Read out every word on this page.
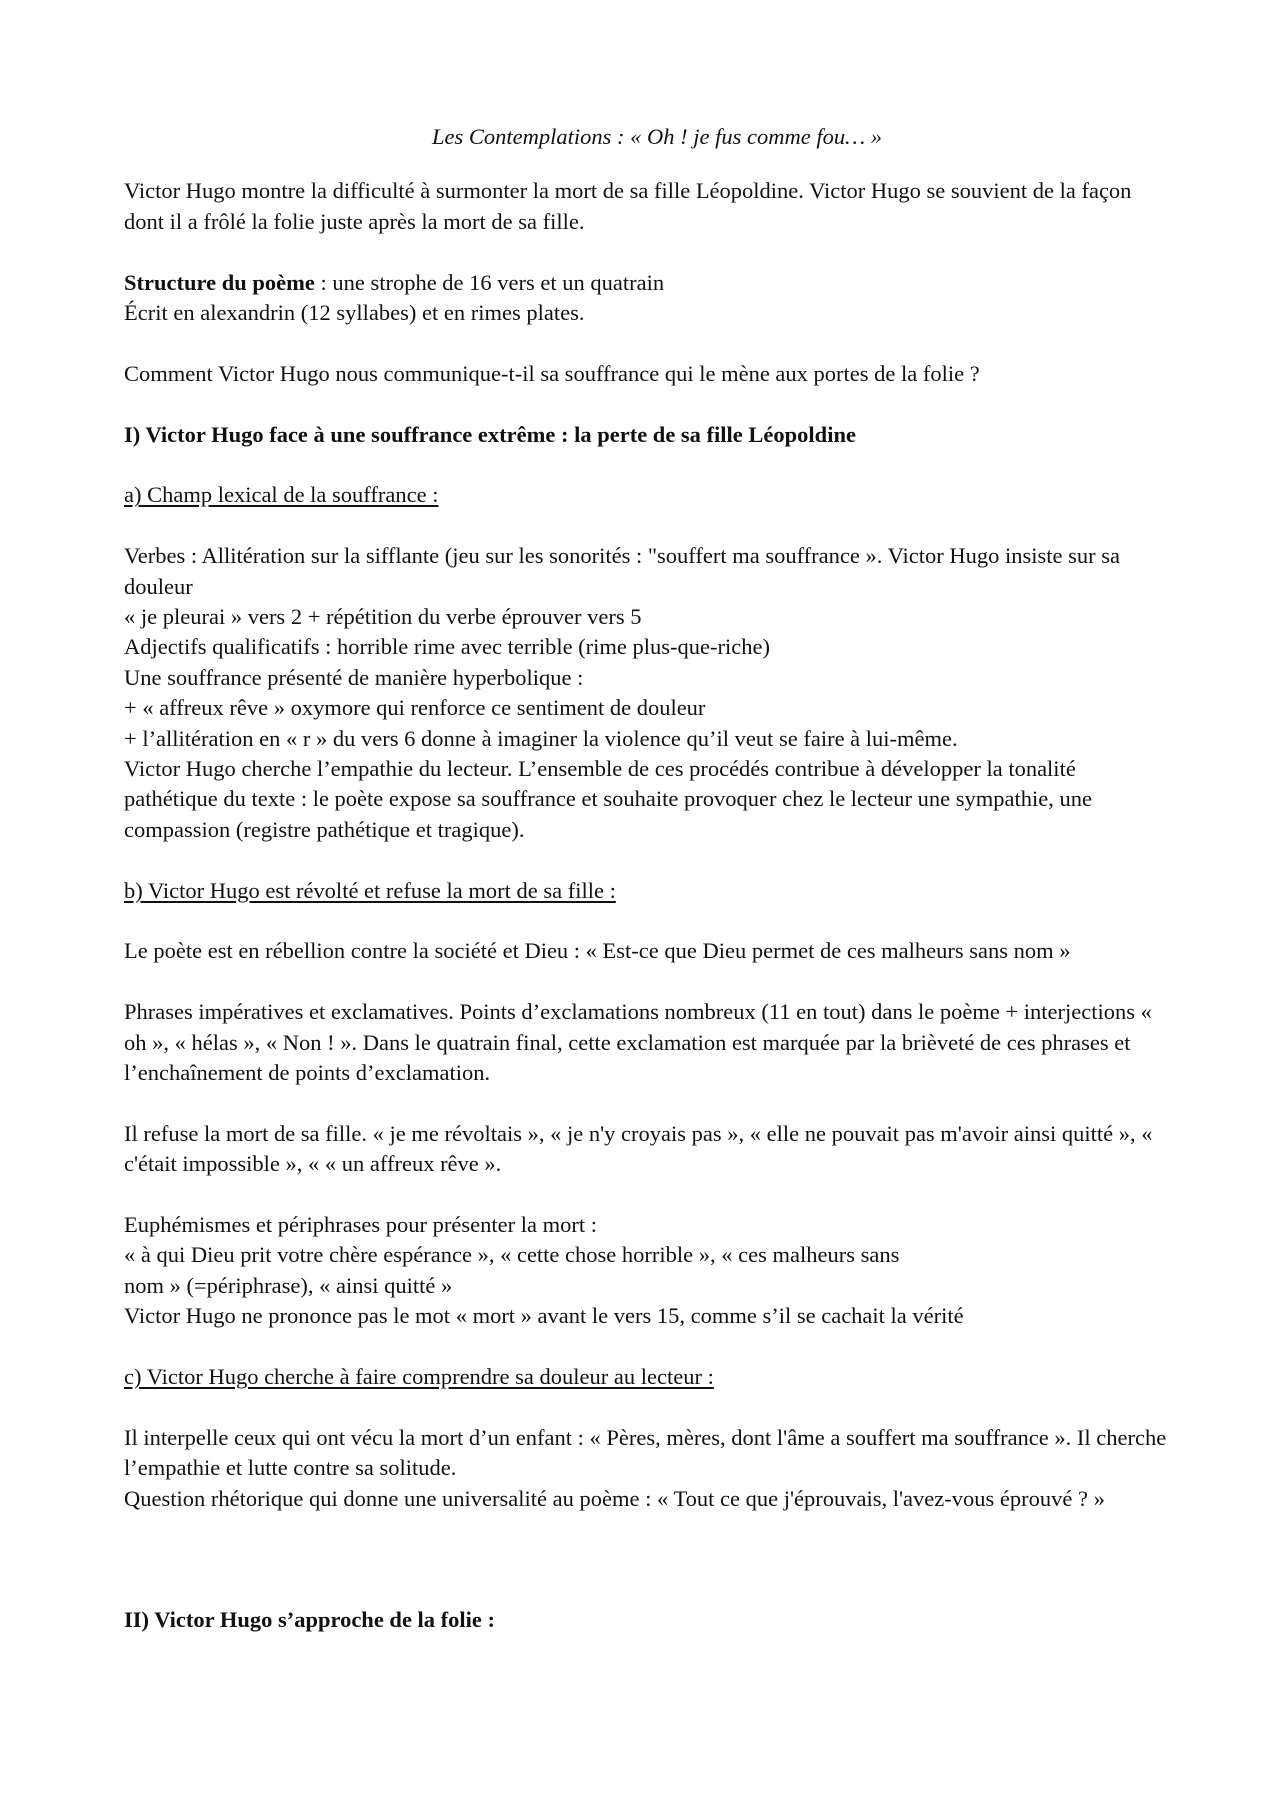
Les Contemplations : « Oh ! je fus comme fou… »

Victor Hugo montre la difficulté à surmonter la mort de sa fille Léopoldine. Victor Hugo se souvient de la façon dont il a frôlé la folie juste après la mort de sa fille.

Structure du poème : une strophe de 16 vers et un quatrain

Écrit en alexandrin (12 syllabes) et en rimes plates.

Comment Victor Hugo nous communique-t-il sa souffrance qui le mène aux portes de la folie ?

I) Victor Hugo face à une souffrance extrême : la perte de sa fille Léopoldine

a) Champ lexical de la souffrance :

Verbes : Allitération sur la sifflante (jeu sur les sonorités : "souffert ma souffrance ». Victor Hugo insiste sur sa douleur

« je pleurai » vers 2 + répétition du verbe éprouver vers 5

Adjectifs qualificatifs : horrible rime avec terrible (rime plus-que-riche)

Une souffrance présenté de manière hyperbolique :

+ « affreux rêve » oxymore qui renforce ce sentiment de douleur

+ l’allitération en « r » du vers 6 donne à imaginer la violence qu’il veut se faire à lui-même.

Victor Hugo cherche l’empathie du lecteur. L’ensemble de ces procédés contribue à développer la tonalité pathétique du texte : le poète expose sa souffrance et souhaite provoquer chez le lecteur une sympathie, une compassion (registre pathétique et tragique).

b) Victor Hugo est révolté et refuse la mort de sa fille :

Le poète est en rébellion contre la société et Dieu : « Est-ce que Dieu permet de ces malheurs sans nom »

Phrases impératives et exclamatives. Points d’exclamations nombreux (11 en tout) dans le poème + interjections « oh », « hélas », « Non ! ». Dans le quatrain final, cette exclamation est marquée par la brièveté de ces phrases et l’enchaînement de points d’exclamation.

Il refuse la mort de sa fille. « je me révoltais », « je n'y croyais pas », « elle ne pouvait pas m'avoir ainsi quitté », « c'était impossible », « « un affreux rêve ».

Euphémismes et périphrases pour présenter la mort :

« à qui Dieu prit votre chère espérance », « cette chose horrible », « ces malheurs sans

nom » (=périphrase), « ainsi quitté »

Victor Hugo ne prononce pas le mot « mort » avant le vers 15, comme s’il se cachait la vérité

c) Victor Hugo cherche à faire comprendre sa douleur au lecteur :

Il interpelle ceux qui ont vécu la mort d’un enfant : « Pères, mères, dont l'âme a souffert ma souffrance ». Il cherche l’empathie et lutte contre sa solitude.

Question rhétorique qui donne une universalité au poème : « Tout ce que j'éprouvais, l'avez-vous éprouvé ? »

II) Victor Hugo s’approche de la folie :
